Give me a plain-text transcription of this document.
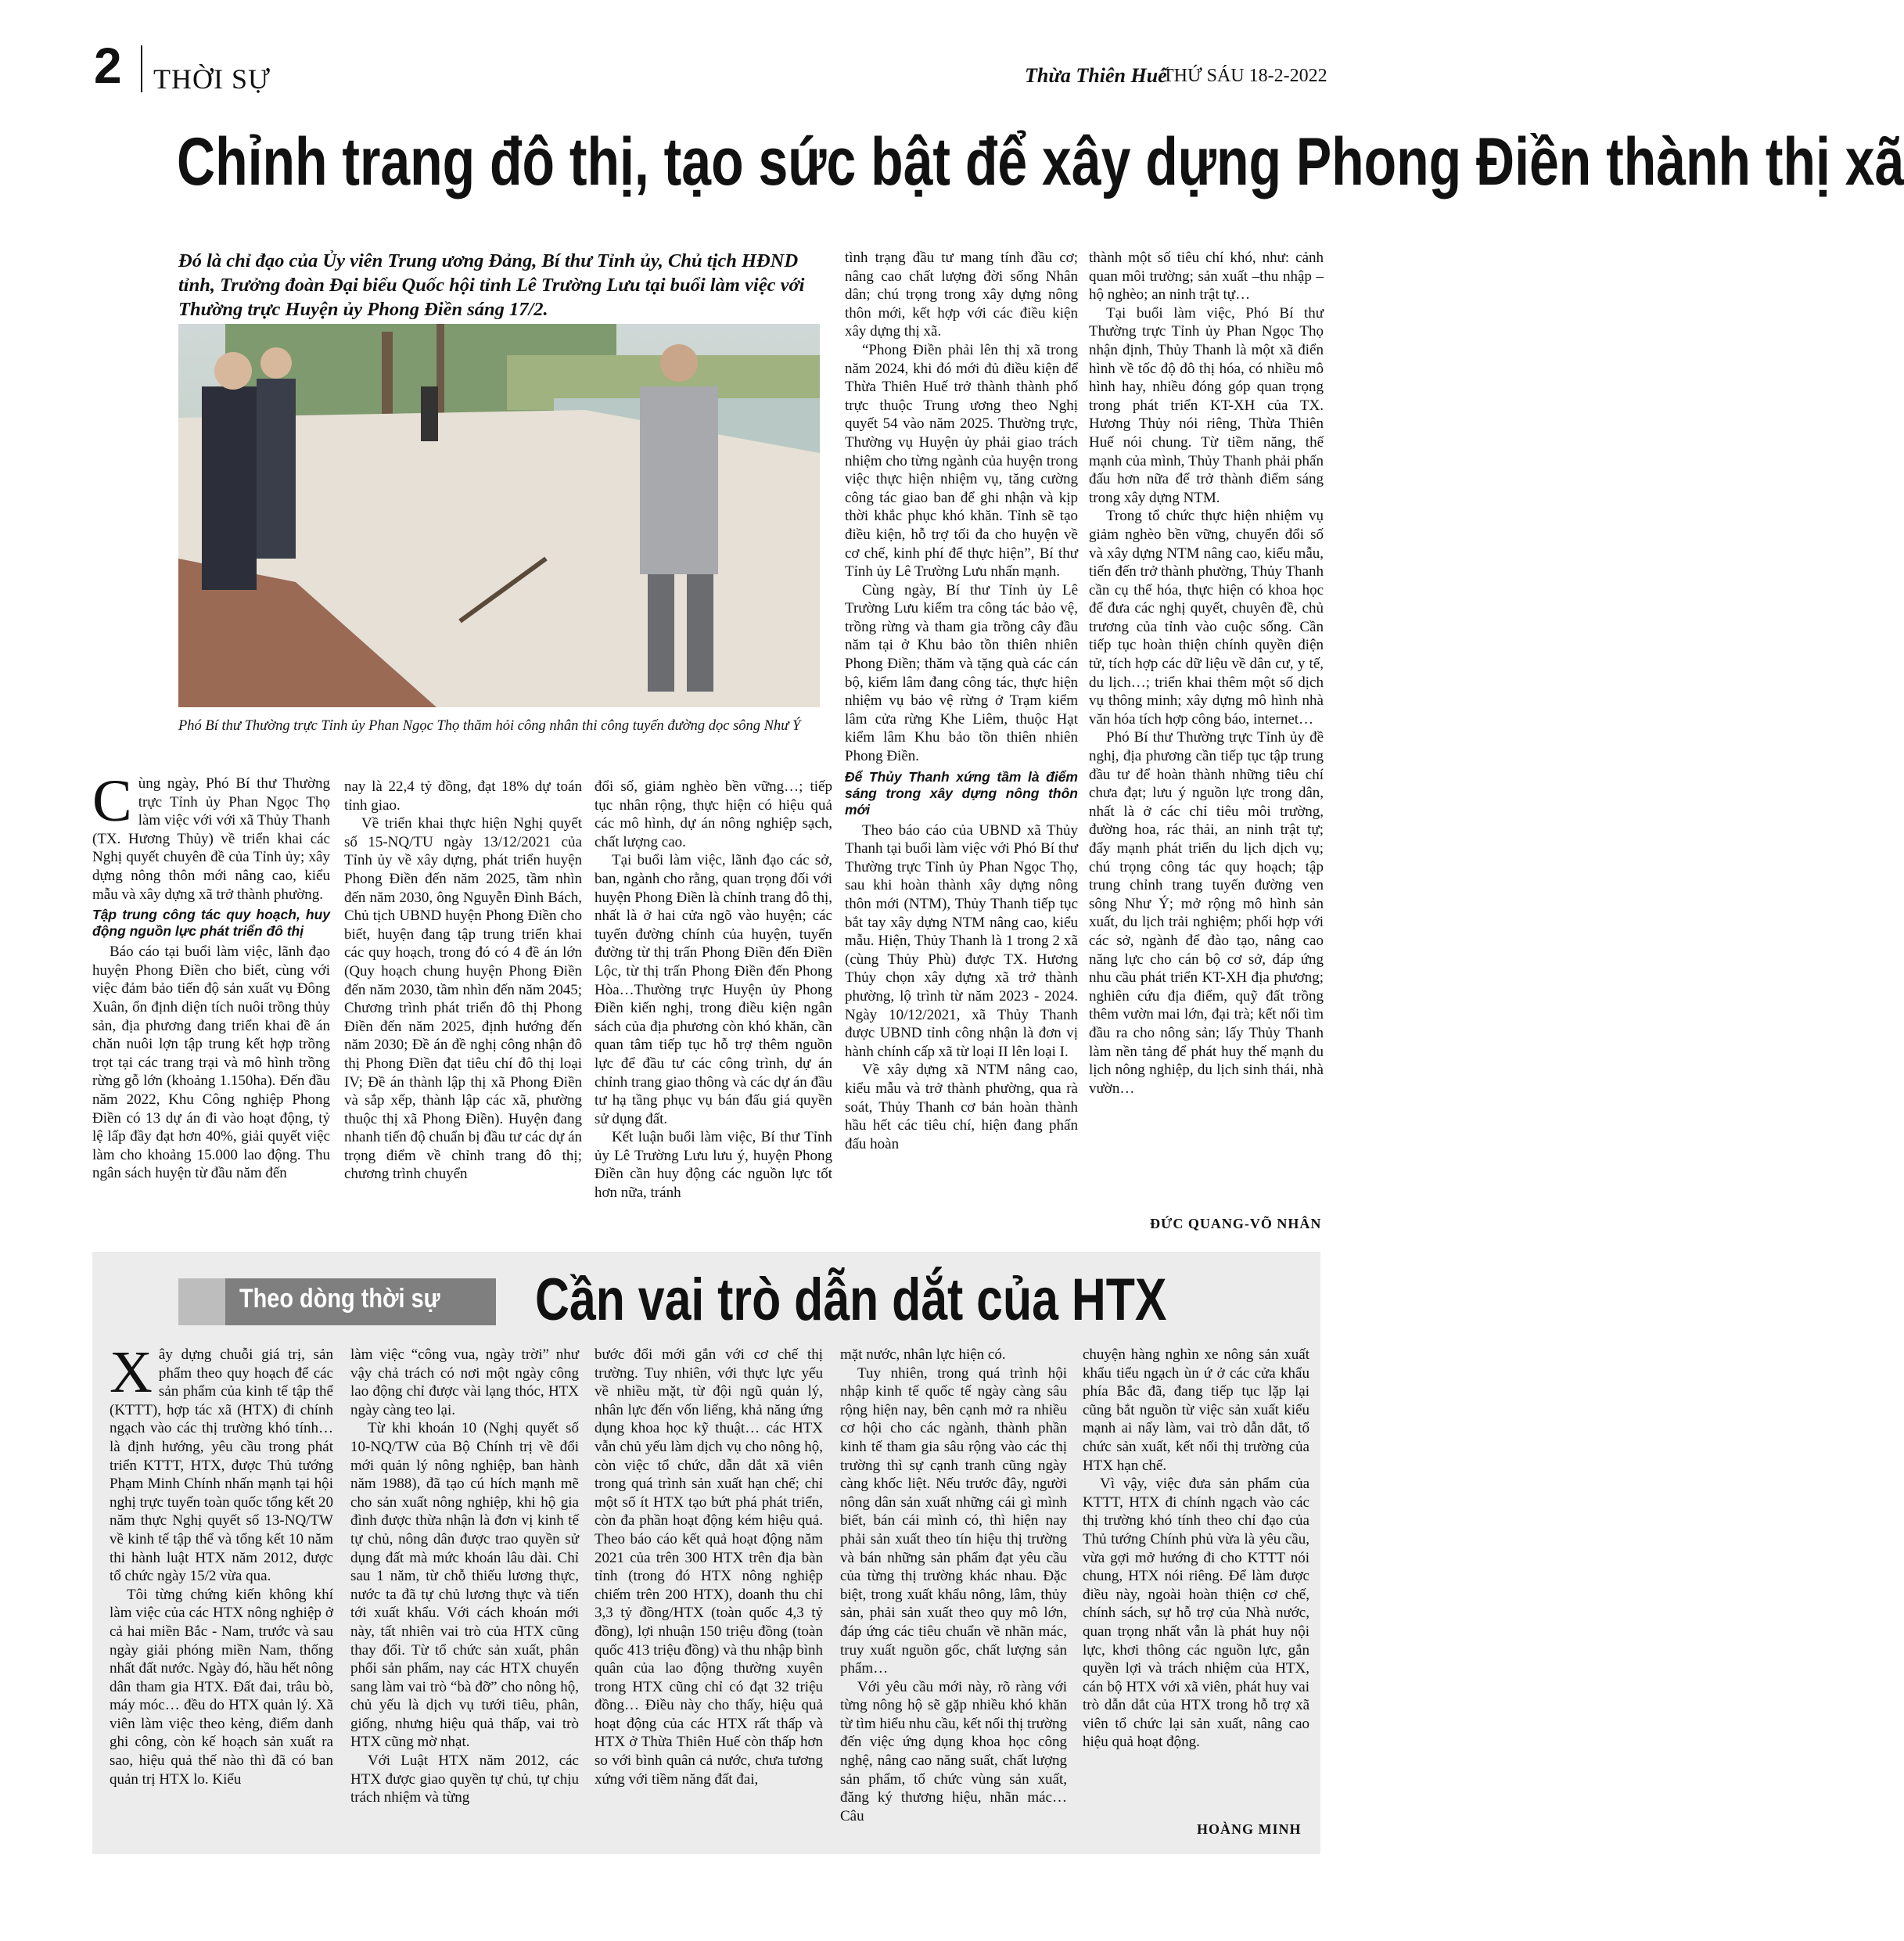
2 THỜI SỰ	Thừa Thiên Huế
THỨ SÁU 18-2-2022
Chỉnh trang đô thị, tạo sức bật để xây dựng Phong Điền thành thị xã
Đó là chỉ đạo của Ủy viên Trung ương Đảng, Bí thư Tỉnh ủy, Chủ tịch HĐND tỉnh, Trưởng đoàn Đại biểu Quốc hội tỉnh Lê Trường Lưu tại buổi làm việc với Thường trực Huyện ủy Phong Điền sáng 17/2.
Phó Bí thư Thường trực Tỉnh ủy Phan Ngọc Thọ thăm hỏi công nhân thi công tuyến đường dọc sông Như Ý

Cùng ngày, Phó Bí thư Thường trực Tỉnh ủy Phan Ngọc Thọ làm việc với với xã Thủy Thanh (TX. Hương Thủy) về triển khai các Nghị quyết chuyên đề của Tỉnh ủy; xây dựng nông thôn mới nâng cao, kiểu mẫu và xây dựng xã trở thành phường.

Tập trung công tác quy hoạch, huy động nguồn lực phát triển đô thị

Báo cáo tại buổi làm việc, lãnh đạo huyện Phong Điền cho biết, cùng với việc đảm bảo tiến độ sản xuất vụ Đông Xuân, ổn định diện tích nuôi trồng thủy sản, địa phương đang triển khai đề án chăn nuôi lợn tập trung kết hợp trồng trọt tại các trang trại và mô hình trồng rừng gỗ lớn (khoảng 1.150ha). Đến đầu năm 2022, Khu Công nghiệp Phong Điền có 13 dự án đi vào hoạt động, tỷ lệ lấp đầy đạt hơn 40%, giải quyết việc làm cho khoảng 15.000 lao động. Thu ngân sách huyện từ đầu năm đến

nay là 22,4 tỷ đồng, đạt 18% dự toán tỉnh giao.

Về triển khai thực hiện Nghị quyết số 15-NQ/TU ngày 13/12/2021 của Tỉnh ủy về xây dựng, phát triển huyện Phong Điền đến năm 2025, tầm nhìn đến năm 2030, ông Nguyễn Đình Bách, Chủ tịch UBND huyện Phong Điền cho biết, huyện đang tập trung triển khai các quy hoạch, trong đó có 4 đề án lớn (Quy hoạch chung huyện Phong Điền đến năm 2030, tầm nhìn đến năm 2045; Chương trình phát triển đô thị Phong Điền đến năm 2025, định hướng đến năm 2030; Đề án đề nghị công nhận đô thị Phong Điền đạt tiêu chí đô thị loại IV; Đề án thành lập thị xã Phong Điền và sắp xếp, thành lập các xã, phường thuộc thị xã Phong Điền). Huyện đang nhanh tiến độ chuẩn bị đầu tư các dự án trọng điểm về chỉnh trang đô thị; chương trình chuyển

đổi số, giảm nghèo bền vững…; tiếp tục nhân rộng, thực hiện có hiệu quả các mô hình, dự án nông nghiệp sạch, chất lượng cao.

Tại buổi làm việc, lãnh đạo các sở, ban, ngành cho rằng, quan trọng đối với huyện Phong Điền là chỉnh trang đô thị, nhất là ở hai cửa ngõ vào huyện; các tuyến đường chính của huyện, tuyến đường từ thị trấn Phong Điền đến Điền Lộc, từ thị trấn Phong Điền đến Phong Hòa…Thường trực Huyện ủy Phong Điền kiến nghị, trong điều kiện ngân sách của địa phương còn khó khăn, cần quan tâm tiếp tục hỗ trợ thêm nguồn lực để đầu tư các công trình, dự án chỉnh trang giao thông và các dự án đầu tư hạ tầng phục vụ bán đấu giá quyền sử dụng đất.

Kết luận buổi làm việc, Bí thư Tỉnh ủy Lê Trường Lưu lưu ý, huyện Phong Điền cần huy động các nguồn lực tốt hơn nữa, tránh

tình trạng đầu tư mang tính đầu cơ; nâng cao chất lượng đời sống Nhân dân; chú trọng trong xây dựng nông thôn mới, kết hợp với các điều kiện xây dựng thị xã.

“Phong Điền phải lên thị xã trong năm 2024, khi đó mới đủ điều kiện để Thừa Thiên Huế trở thành thành phố trực thuộc Trung ương theo Nghị quyết 54 vào năm 2025. Thường trực, Thường vụ Huyện ủy phải giao trách nhiệm cho từng ngành của huyện trong việc thực hiện nhiệm vụ, tăng cường công tác giao ban để ghi nhận và kịp thời khắc phục khó khăn. Tỉnh sẽ tạo điều kiện, hỗ trợ tối đa cho huyện về cơ chế, kinh phí để thực hiện”, Bí thư Tỉnh ủy Lê Trường Lưu nhấn mạnh.

Cùng ngày, Bí thư Tỉnh ủy Lê Trường Lưu kiểm tra công tác bảo vệ, trồng rừng và tham gia trồng cây đầu năm tại ở Khu bảo tồn thiên nhiên Phong Điền; thăm và tặng quà các cán bộ, kiểm lâm đang công tác, thực hiện nhiệm vụ bảo vệ rừng ở Trạm kiểm lâm cửa rừng Khe Liêm, thuộc Hạt kiểm lâm Khu bảo tồn thiên nhiên Phong Điền.

Để Thủy Thanh xứng tầm là điểm sáng trong xây dựng nông thôn mới

Theo báo cáo của UBND xã Thủy Thanh tại buổi làm việc với Phó Bí thư Thường trực Tỉnh ủy Phan Ngọc Thọ, sau khi hoàn thành xây dựng nông thôn mới (NTM), Thủy Thanh tiếp tục bắt tay xây dựng NTM nâng cao, kiểu mẫu. Hiện, Thủy Thanh là 1 trong 2 xã (cùng Thủy Phù) được TX. Hương Thủy chọn xây dựng xã trở thành phường, lộ trình từ năm 2023 - 2024. Ngày 10/12/2021, xã Thủy Thanh được UBND tỉnh công nhận là đơn vị hành chính cấp xã từ loại II lên loại I.

Về xây dựng xã NTM nâng cao, kiểu mẫu và trở thành phường, qua rà soát, Thủy Thanh cơ bản hoàn thành hầu hết các tiêu chí, hiện đang phấn đấu hoàn

thành một số tiêu chí khó, như: cảnh quan môi trường; sản xuất –thu nhập – hộ nghèo; an ninh trật tự…

Tại buổi làm việc, Phó Bí thư Thường trực Tỉnh ủy Phan Ngọc Thọ nhận định, Thủy Thanh là một xã điển hình về tốc độ đô thị hóa, có nhiều mô hình hay, nhiều đóng góp quan trọng trong phát triển KT-XH của TX. Hương Thủy nói riêng, Thừa Thiên Huế nói chung. Từ tiềm năng, thế mạnh của mình, Thủy Thanh phải phấn đấu hơn nữa để trở thành điểm sáng trong xây dựng NTM.

Trong tổ chức thực hiện nhiệm vụ giảm nghèo bền vững, chuyển đổi số và xây dựng NTM nâng cao, kiểu mẫu, tiến đến trở thành phường, Thủy Thanh cần cụ thể hóa, thực hiện có khoa học để đưa các nghị quyết, chuyên đề, chủ trương của tỉnh vào cuộc sống. Cần tiếp tục hoàn thiện chính quyền điện tử, tích hợp các dữ liệu về dân cư, y tế, du lịch…; triển khai thêm một số dịch vụ thông minh; xây dựng mô hình nhà văn hóa tích hợp công báo, internet…

Phó Bí thư Thường trực Tỉnh ủy đề nghị, địa phương cần tiếp tục tập trung đầu tư để hoàn thành những tiêu chí chưa đạt; lưu ý nguồn lực trong dân, nhất là ở các chỉ tiêu môi trường, đường hoa, rác thải, an ninh trật tự; đẩy mạnh phát triển du lịch dịch vụ; chú trọng công tác quy hoạch; tập trung chỉnh trang tuyến đường ven sông Như Ý; mở rộng mô hình sản xuất, du lịch trải nghiệm; phối hợp với các sở, ngành để đào tạo, nâng cao năng lực cho cán bộ cơ sở, đáp ứng nhu cầu phát triển KT-XH địa phương; nghiên cứu địa điểm, quỹ đất trồng thêm vườn mai lớn, đại trà; kết nối tìm đầu ra cho nông sản; lấy Thủy Thanh làm nền tảng để phát huy thế mạnh du lịch nông nghiệp, du lịch sinh thái, nhà vườn…

ĐỨC QUANG-VÕ NHÂN
Theo dòng thời sự Cần vai trò dẫn dắt của HTX

Xây dựng chuỗi giá trị, sản phẩm theo quy hoạch để các sản phẩm của kinh tế tập thể (KTTT), hợp tác xã (HTX) đi chính ngạch vào các thị trường khó tính… là định hướng, yêu cầu trong phát triển KTTT, HTX, được Thủ tướng Phạm Minh Chính nhấn mạnh tại hội nghị trực tuyến toàn quốc tổng kết 20 năm thực Nghị quyết số 13-NQ/TW về kinh tế tập thể và tổng kết 10 năm thi hành luật HTX năm 2012, được tổ chức ngày 15/2 vừa qua.

Tôi từng chứng kiến không khí làm việc của các HTX nông nghiệp ở cả hai miền Bắc - Nam, trước và sau ngày giải phóng miền Nam, thống nhất đất nước. Ngày đó, hầu hết nông dân tham gia HTX. Đất đai, trâu bò, máy móc… đều do HTX quản lý. Xã viên làm việc theo kẻng, điểm danh ghi công, còn kế hoạch sản xuất ra sao, hiệu quả thế nào thì đã có ban quản trị HTX lo. Kiểu

làm việc “công vua, ngày trời” như vậy chả trách có nơi một ngày công lao động chỉ được vài lạng thóc, HTX ngày càng teo lại.

Từ khi khoán 10 (Nghị quyết số 10-NQ/TW của Bộ Chính trị về đổi mới quản lý nông nghiệp, ban hành năm 1988), đã tạo cú hích mạnh mẽ cho sản xuất nông nghiệp, khi hộ gia đình được thừa nhận là đơn vị kinh tế tự chủ, nông dân được trao quyền sử dụng đất mà mức khoán lâu dài. Chỉ sau 1 năm, từ chỗ thiếu lương thực, nước ta đã tự chủ lương thực và tiến tới xuất khẩu. Với cách khoán mới này, tất nhiên vai trò của HTX cũng thay đổi. Từ tổ chức sản xuất, phân phối sản phẩm, nay các HTX chuyển sang làm vai trò “bà đỡ” cho nông hộ, chủ yếu là dịch vụ tưới tiêu, phân, giống, nhưng hiệu quả thấp, vai trò HTX cũng mờ nhạt.

Với Luật HTX năm 2012, các HTX được giao quyền tự chủ, tự chịu trách nhiệm và từng

bước đổi mới gắn với cơ chế thị trường. Tuy nhiên, với thực lực yếu về nhiều mặt, từ đội ngũ quản lý, nhân lực đến vốn liếng, khả năng ứng dụng khoa học kỹ thuật… các HTX vẫn chủ yếu làm dịch vụ cho nông hộ, còn việc tổ chức, dẫn dắt xã viên trong quá trình sản xuất hạn chế; chỉ một số ít HTX tạo bứt phá phát triển, còn đa phần hoạt động kém hiệu quả. Theo báo cáo kết quả hoạt động năm 2021 của trên 300 HTX trên địa bàn tỉnh (trong đó HTX nông nghiệp chiếm trên 200 HTX), doanh thu chỉ 3,3 tỷ đồng/HTX (toàn quốc 4,3 tỷ đồng), lợi nhuận 150 triệu đồng (toàn quốc 413 triệu đồng) và thu nhập bình quân của lao động thường xuyên trong HTX cũng chỉ có đạt 32 triệu đồng… Điều này cho thấy, hiệu quả hoạt động của các HTX rất thấp và HTX ở Thừa Thiên Huế còn thấp hơn so với bình quân cả nước, chưa tương xứng với tiềm năng đất đai,

mặt nước, nhân lực hiện có.

Tuy nhiên, trong quá trình hội nhập kinh tế quốc tế ngày càng sâu rộng hiện nay, bên cạnh mở ra nhiều cơ hội cho các ngành, thành phần kinh tế tham gia sâu rộng vào các thị trường thì sự cạnh tranh cũng ngày càng khốc liệt. Nếu trước đây, người nông dân sản xuất những cái gì mình biết, bán cái mình có, thì hiện nay phải sản xuất theo tín hiệu thị trường và bán những sản phẩm đạt yêu cầu của từng thị trường khác nhau. Đặc biệt, trong xuất khẩu nông, lâm, thủy sản, phải sản xuất theo quy mô lớn, đáp ứng các tiêu chuẩn về nhãn mác, truy xuất nguồn gốc, chất lượng sản phẩm…

Với yêu cầu mới này, rõ ràng với từng nông hộ sẽ gặp nhiều khó khăn từ tìm hiểu nhu cầu, kết nối thị trường đến việc ứng dụng khoa học công nghệ, nâng cao năng suất, chất lượng sản phẩm, tổ chức vùng sản xuất, đăng ký thương hiệu, nhãn mác… Câu

chuyện hàng nghìn xe nông sản xuất khẩu tiểu ngạch ùn ứ ở các cửa khẩu phía Bắc đã, đang tiếp tục lặp lại cũng bắt nguồn từ việc sản xuất kiểu mạnh ai nấy làm, vai trò dẫn dắt, tổ chức sản xuất, kết nối thị trường của HTX hạn chế.

Vì vậy, việc đưa sản phẩm của KTTT, HTX đi chính ngạch vào các thị trường khó tính theo chỉ đạo của Thủ tướng Chính phủ vừa là yêu cầu, vừa gợi mở hướng đi cho KTTT nói chung, HTX nói riêng. Để làm được điều này, ngoài hoàn thiện cơ chế, chính sách, sự hỗ trợ của Nhà nước, quan trọng nhất vẫn là phát huy nội lực, khơi thông các nguồn lực, gắn quyền lợi và trách nhiệm của HTX, cán bộ HTX với xã viên, phát huy vai trò dẫn dắt của HTX trong hỗ trợ xã viên tổ chức lại sản xuất, nâng cao hiệu quả hoạt động.

HOÀNG MINH
